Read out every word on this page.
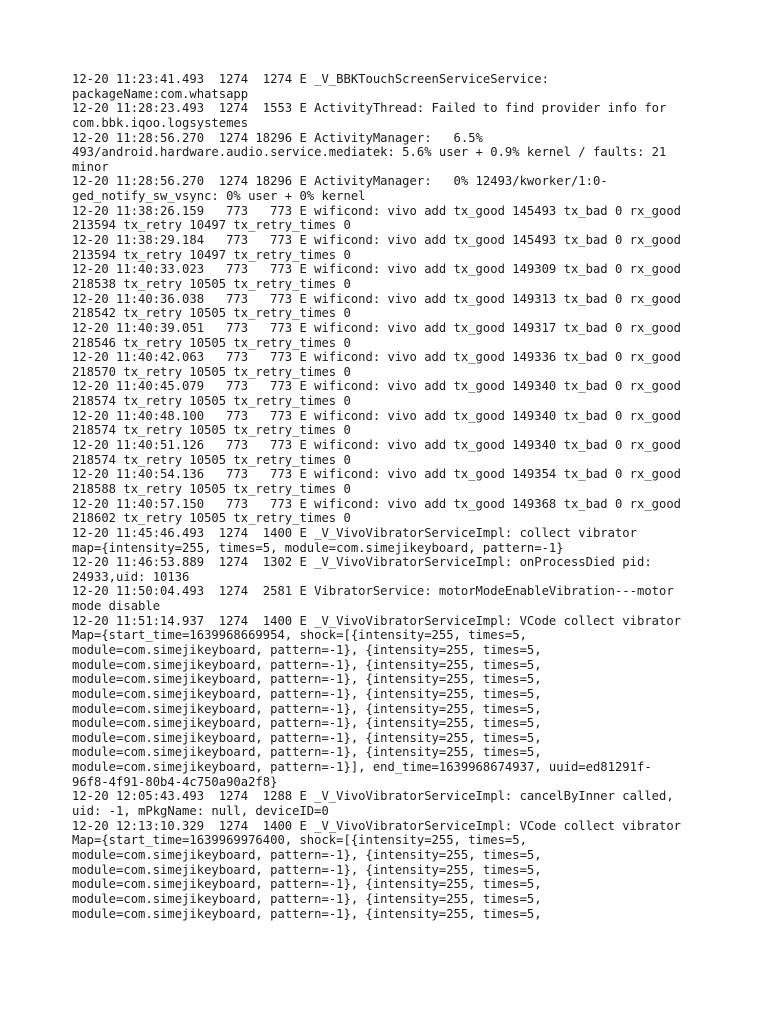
12-20 11:23:41.493  1274  1274 E _V_BBKTouchScreenServiceService:
packageName:com.whatsapp
12-20 11:28:23.493  1274  1553 E ActivityThread: Failed to find provider info for
com.bbk.iqoo.logsystemes
12-20 11:28:56.270  1274 18296 E ActivityManager:   6.5%
493/android.hardware.audio.service.mediatek: 5.6% user + 0.9% kernel / faults: 21
minor
12-20 11:28:56.270  1274 18296 E ActivityManager:   0% 12493/kworker/1:0-
ged_notify_sw_vsync: 0% user + 0% kernel
12-20 11:38:26.159   773   773 E wificond: vivo add tx_good 145493 tx_bad 0 rx_good
213594 tx_retry 10497 tx_retry_times 0
12-20 11:38:29.184   773   773 E wificond: vivo add tx_good 145493 tx_bad 0 rx_good
213594 tx_retry 10497 tx_retry_times 0
12-20 11:40:33.023   773   773 E wificond: vivo add tx_good 149309 tx_bad 0 rx_good
218538 tx_retry 10505 tx_retry_times 0
12-20 11:40:36.038   773   773 E wificond: vivo add tx_good 149313 tx_bad 0 rx_good
218542 tx_retry 10505 tx_retry_times 0
12-20 11:40:39.051   773   773 E wificond: vivo add tx_good 149317 tx_bad 0 rx_good
218546 tx_retry 10505 tx_retry_times 0
12-20 11:40:42.063   773   773 E wificond: vivo add tx_good 149336 tx_bad 0 rx_good
218570 tx_retry 10505 tx_retry_times 0
12-20 11:40:45.079   773   773 E wificond: vivo add tx_good 149340 tx_bad 0 rx_good
218574 tx_retry 10505 tx_retry_times 0
12-20 11:40:48.100   773   773 E wificond: vivo add tx_good 149340 tx_bad 0 rx_good
218574 tx_retry 10505 tx_retry_times 0
12-20 11:40:51.126   773   773 E wificond: vivo add tx_good 149340 tx_bad 0 rx_good
218574 tx_retry 10505 tx_retry_times 0
12-20 11:40:54.136   773   773 E wificond: vivo add tx_good 149354 tx_bad 0 rx_good
218588 tx_retry 10505 tx_retry_times 0
12-20 11:40:57.150   773   773 E wificond: vivo add tx_good 149368 tx_bad 0 rx_good
218602 tx_retry 10505 tx_retry_times 0
12-20 11:45:46.493  1274  1400 E _V_VivoVibratorServiceImpl: collect vibrator
map={intensity=255, times=5, module=com.simejikeyboard, pattern=-1}
12-20 11:46:53.889  1274  1302 E _V_VivoVibratorServiceImpl: onProcessDied pid:
24933,uid: 10136
12-20 11:50:04.493  1274  2581 E VibratorService: motorModeEnableVibration---motor
mode disable
12-20 11:51:14.937  1274  1400 E _V_VivoVibratorServiceImpl: VCode collect vibrator
Map={start_time=1639968669954, shock=[{intensity=255, times=5,
module=com.simejikeyboard, pattern=-1}, {intensity=255, times=5,
module=com.simejikeyboard, pattern=-1}, {intensity=255, times=5,
module=com.simejikeyboard, pattern=-1}, {intensity=255, times=5,
module=com.simejikeyboard, pattern=-1}, {intensity=255, times=5,
module=com.simejikeyboard, pattern=-1}, {intensity=255, times=5,
module=com.simejikeyboard, pattern=-1}, {intensity=255, times=5,
module=com.simejikeyboard, pattern=-1}, {intensity=255, times=5,
module=com.simejikeyboard, pattern=-1}, {intensity=255, times=5,
module=com.simejikeyboard, pattern=-1}], end_time=1639968674937, uuid=ed81291f-
96f8-4f91-80b4-4c750a90a2f8}
12-20 12:05:43.493  1274  1288 E _V_VivoVibratorServiceImpl: cancelByInner called,
uid: -1, mPkgName: null, deviceID=0
12-20 12:13:10.329  1274  1400 E _V_VivoVibratorServiceImpl: VCode collect vibrator
Map={start_time=1639969976400, shock=[{intensity=255, times=5,
module=com.simejikeyboard, pattern=-1}, {intensity=255, times=5,
module=com.simejikeyboard, pattern=-1}, {intensity=255, times=5,
module=com.simejikeyboard, pattern=-1}, {intensity=255, times=5,
module=com.simejikeyboard, pattern=-1}, {intensity=255, times=5,
module=com.simejikeyboard, pattern=-1}, {intensity=255, times=5,
